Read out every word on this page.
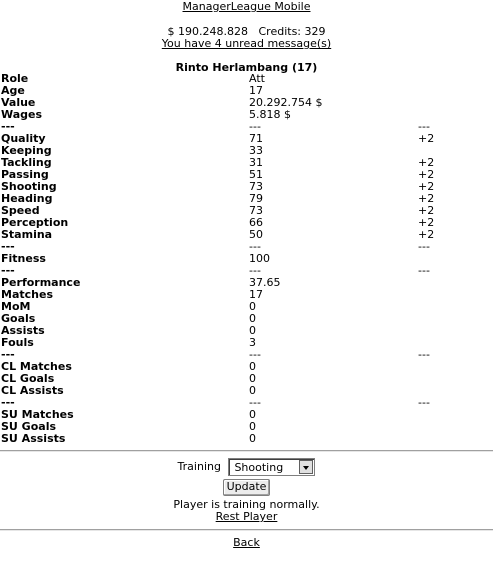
ManagerLeague Mobile
$ 190.248.828 Credits: 329
You have 4 unread message(s)
Rinto Herlambang (17)
Role	Att
Age	17
Value	20.292.754 $
Wages	5.818 $
---	---	---
Quality	71	+2
Keeping	33
Tackling	31	+2
Passing	51	+2
Shooting	73	+2
Heading	79	+2
Speed	73	+2
Perception	66	+2
Stamina	50	+2
---	---	---
Fitness	100
---	---	---
Performance	37.65
Matches	17
MoM	0
Goals	0
Assists	0
Fouls	3
---	---	---
CL Matches	0
CL Goals	0
CL Assists	0
---	---	---
SU Matches	0
SU Goals	0
SU Assists	0
Training Shooting
Update
Player is training normally.
Rest Player
Back
